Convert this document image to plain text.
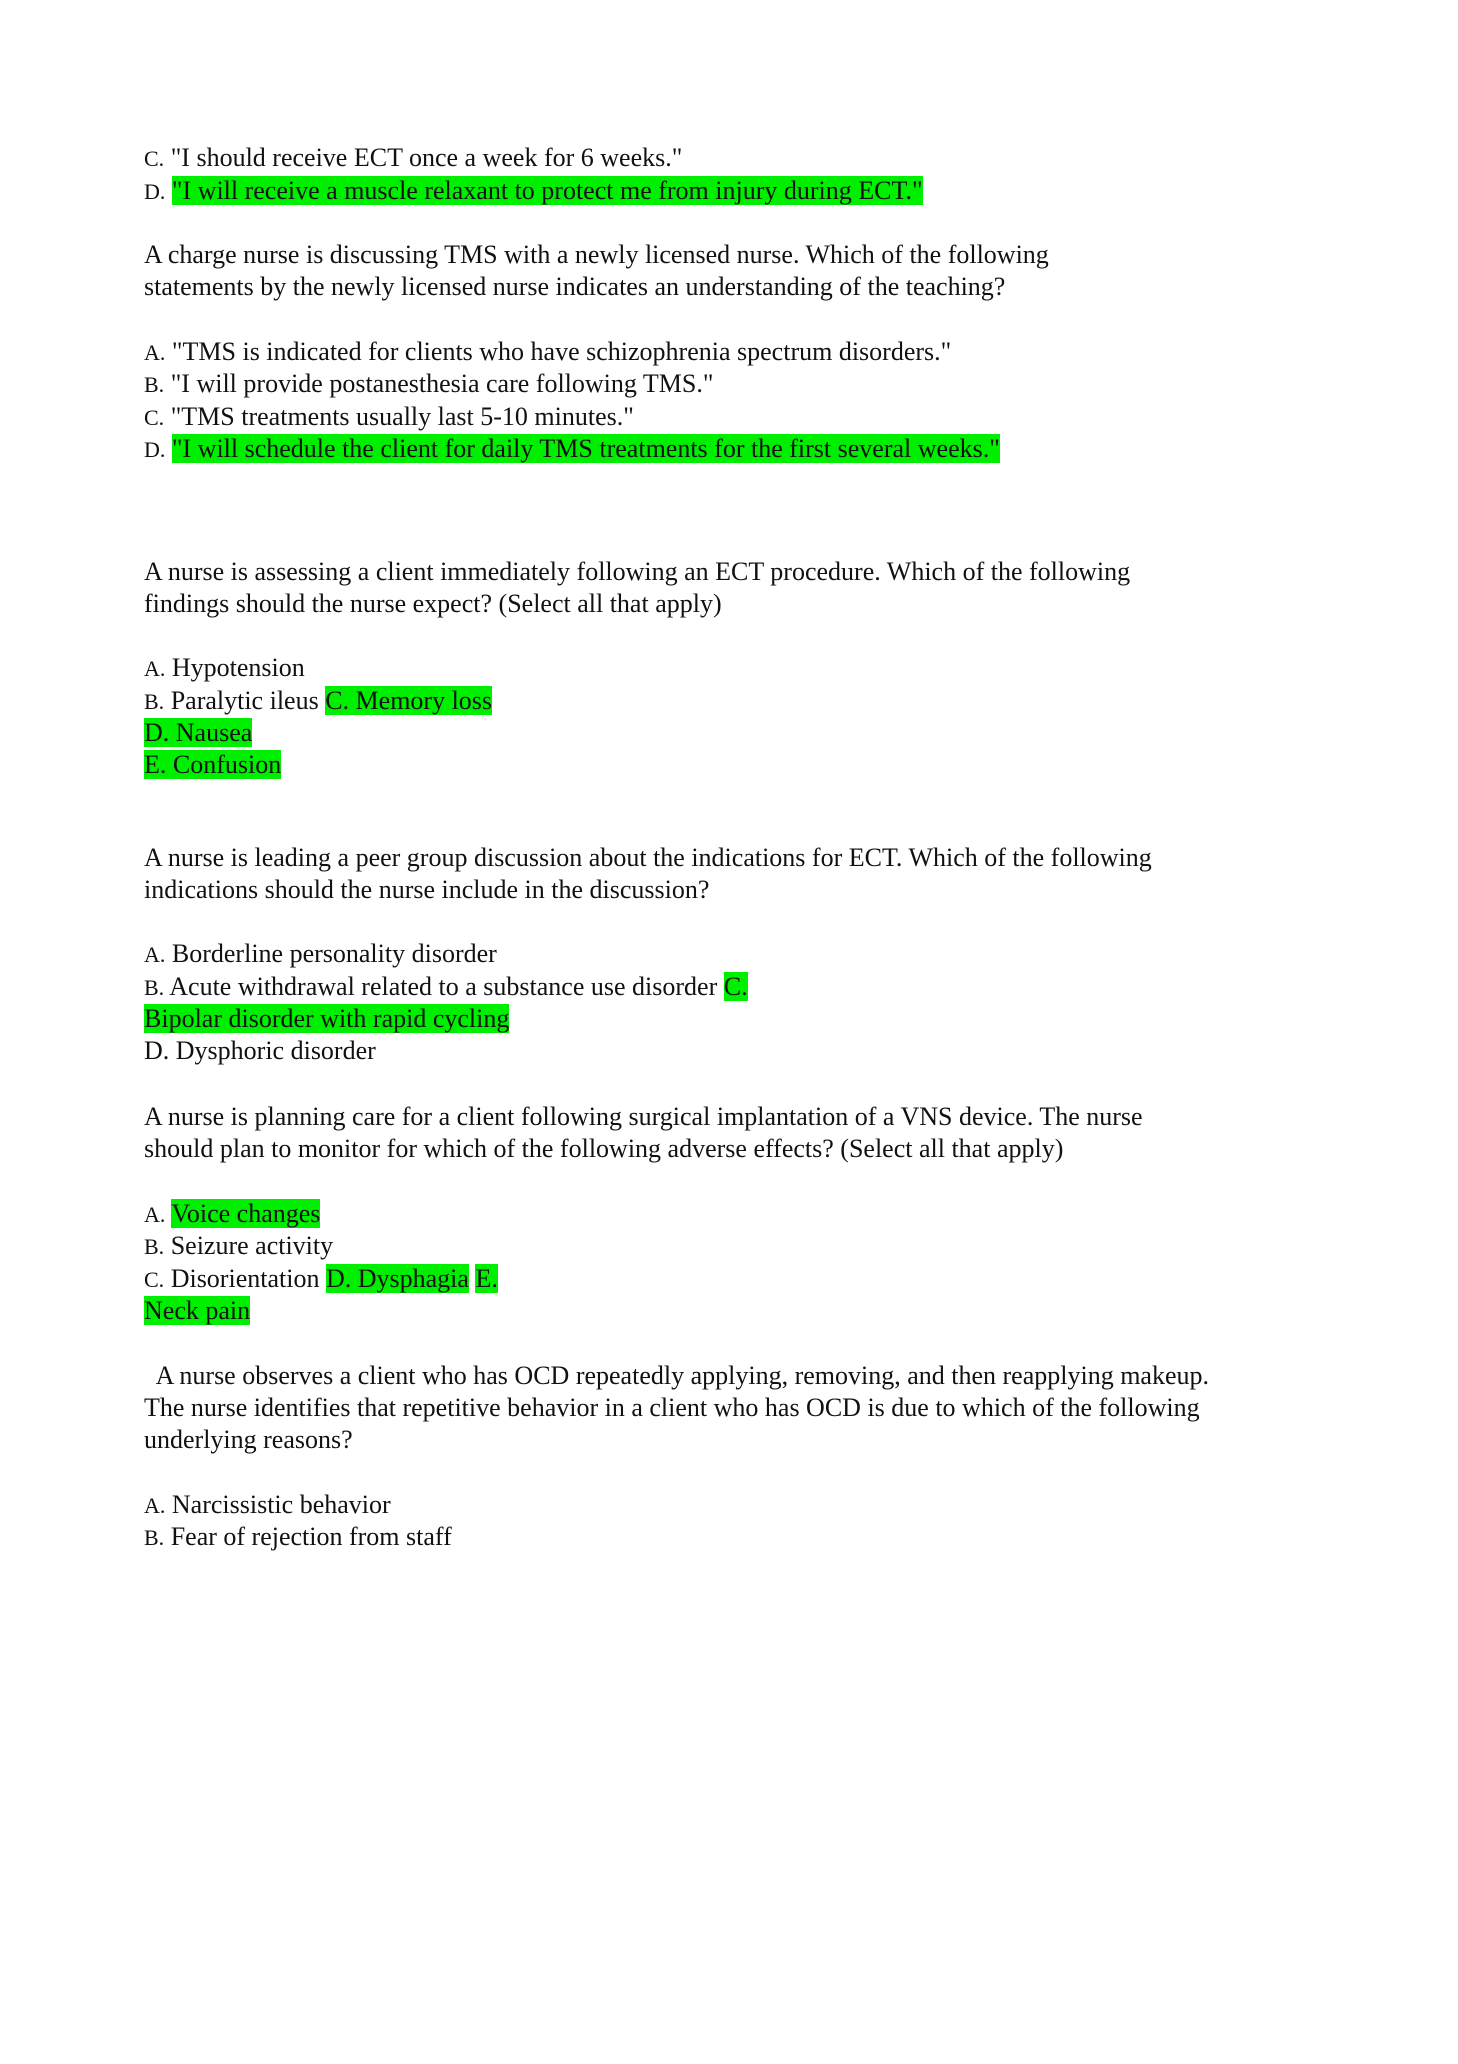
C. "I should receive ECT once a week for 6 weeks."

D. "I will receive a muscle relaxant to protect me from injury during ECT."

A charge nurse is discussing TMS with a newly licensed nurse. Which of the following

statements by the newly licensed nurse indicates an understanding of the teaching?

A. "TMS is indicated for clients who have schizophrenia spectrum disorders."

B. "I will provide postanesthesia care following TMS."

C. "TMS treatments usually last 5-10 minutes."

D. "I will schedule the client for daily TMS treatments for the first several weeks."

A nurse is assessing a client immediately following an ECT procedure. Which of the following

findings should the nurse expect? (Select all that apply)

A. Hypotension

B. Paralytic ileus C. Memory loss

D. Nausea

E. Confusion

A nurse is leading a peer group discussion about the indications for ECT. Which of the following

indications should the nurse include in the discussion?

A. Borderline personality disorder

B. Acute withdrawal related to a substance use disorder C.

Bipolar disorder with rapid cycling

D. Dysphoric disorder

A nurse is planning care for a client following surgical implantation of a VNS device. The nurse

should plan to monitor for which of the following adverse effects? (Select all that apply)

A. Voice changes

B. Seizure activity

C. Disorientation D. Dysphagia E.

Neck pain

A nurse observes a client who has OCD repeatedly applying, removing, and then reapplying makeup.

The nurse identifies that repetitive behavior in a client who has OCD is due to which of the following

underlying reasons?

A. Narcissistic behavior

B. Fear of rejection from staff
